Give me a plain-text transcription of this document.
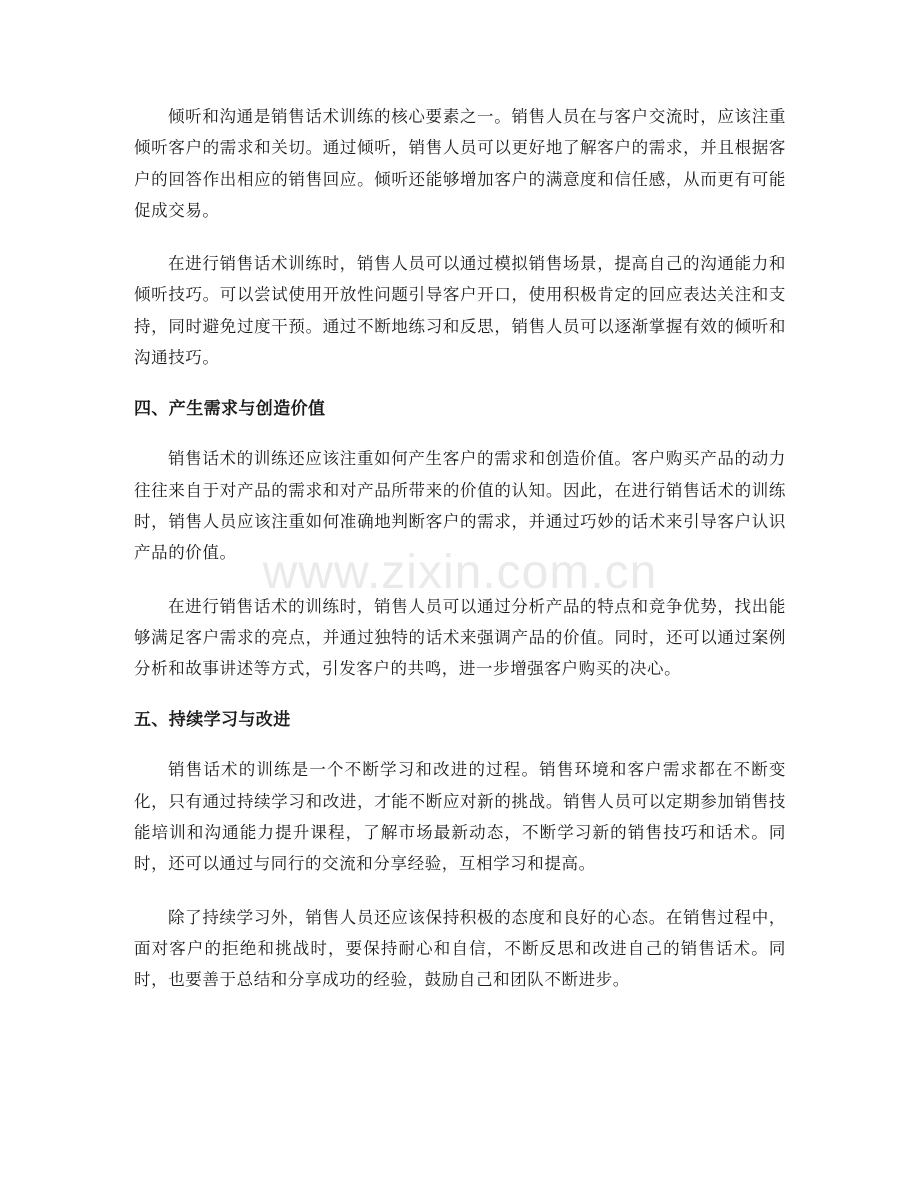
倾听和沟通是销售话术训练的核心要素之一。销售人员在与客户交流时，应该注重倾听客户的需求和关切。通过倾听，销售人员可以更好地了解客户的需求，并且根据客户的回答作出相应的销售回应。倾听还能够增加客户的满意度和信任感，从而更有可能促成交易。

在进行销售话术训练时，销售人员可以通过模拟销售场景，提高自己的沟通能力和倾听技巧。可以尝试使用开放性问题引导客户开口，使用积极肯定的回应表达关注和支持，同时避免过度干预。通过不断地练习和反思，销售人员可以逐渐掌握有效的倾听和沟通技巧。

四、产生需求与创造价值

销售话术的训练还应该注重如何产生客户的需求和创造价值。客户购买产品的动力往往来自于对产品的需求和对产品所带来的价值的认知。因此，在进行销售话术的训练时，销售人员应该注重如何准确地判断客户的需求，并通过巧妙的话术来引导客户认识产品的价值。

在进行销售话术的训练时，销售人员可以通过分析产品的特点和竞争优势，找出能够满足客户需求的亮点，并通过独特的话术来强调产品的价值。同时，还可以通过案例分析和故事讲述等方式，引发客户的共鸣，进一步增强客户购买的决心。

五、持续学习与改进

销售话术的训练是一个不断学习和改进的过程。销售环境和客户需求都在不断变化，只有通过持续学习和改进，才能不断应对新的挑战。销售人员可以定期参加销售技能培训和沟通能力提升课程，了解市场最新动态，不断学习新的销售技巧和话术。同时，还可以通过与同行的交流和分享经验，互相学习和提高。

除了持续学习外，销售人员还应该保持积极的态度和良好的心态。在销售过程中，面对客户的拒绝和挑战时，要保持耐心和自信，不断反思和改进自己的销售话术。同时，也要善于总结和分享成功的经验，鼓励自己和团队不断进步。

www.zixin.com.cn
